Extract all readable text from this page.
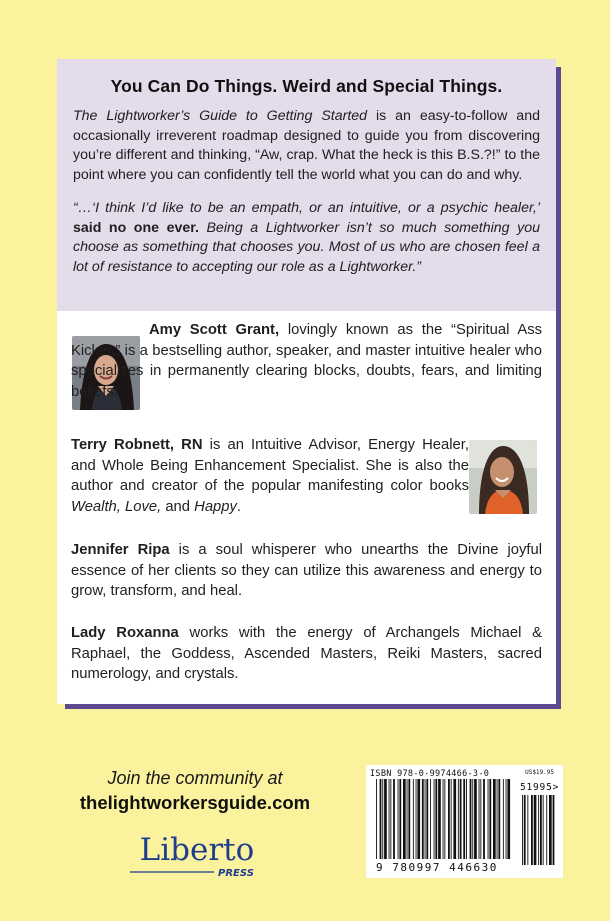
You Can Do Things. Weird and Special Things.

The Lightworker’s Guide to Getting Started is an easy-to-follow and occasionally irreverent roadmap designed to guide you from discovering you’re different and thinking, “Aw, crap. What the heck is this B.S.?!” to the point where you can confidently tell the world what you can do and why.

“…‘I think I’d like to be an empath, or an intuitive, or a psychic healer,’ said no one ever. Being a Lightworker isn’t so much something you choose as something that chooses you. Most of us who are chosen feel a lot of resistance to accepting our role as a Lightworker.”

Amy Scott Grant, lovingly known as the “Spiritual Ass Kicker,” is a bestselling author, speaker, and master intuitive healer who specializes in permanently clearing blocks, doubts, fears, and limiting beliefs.

Terry Robnett, RN is an Intuitive Advisor, Energy Healer, and Whole Being Enhancement Specialist. She is also the author and creator of the popular manifesting color books Wealth, Love, and Happy.

Jennifer Ripa is a soul whisperer who unearths the Divine joyful essence of her clients so they can utilize this awareness and energy to grow, transform, and heal.

Lady Roxanna works with the energy of Archangels Michael & Raphael, the Goddess, Ascended Masters, Reiki Masters, sacred numerology, and crystals.

Join the community at
thelightworkersguide.com
Liberto
PRESS
ISBN 978-0-9974466-3-0	US$19.95
51995>
9 780997 446630
